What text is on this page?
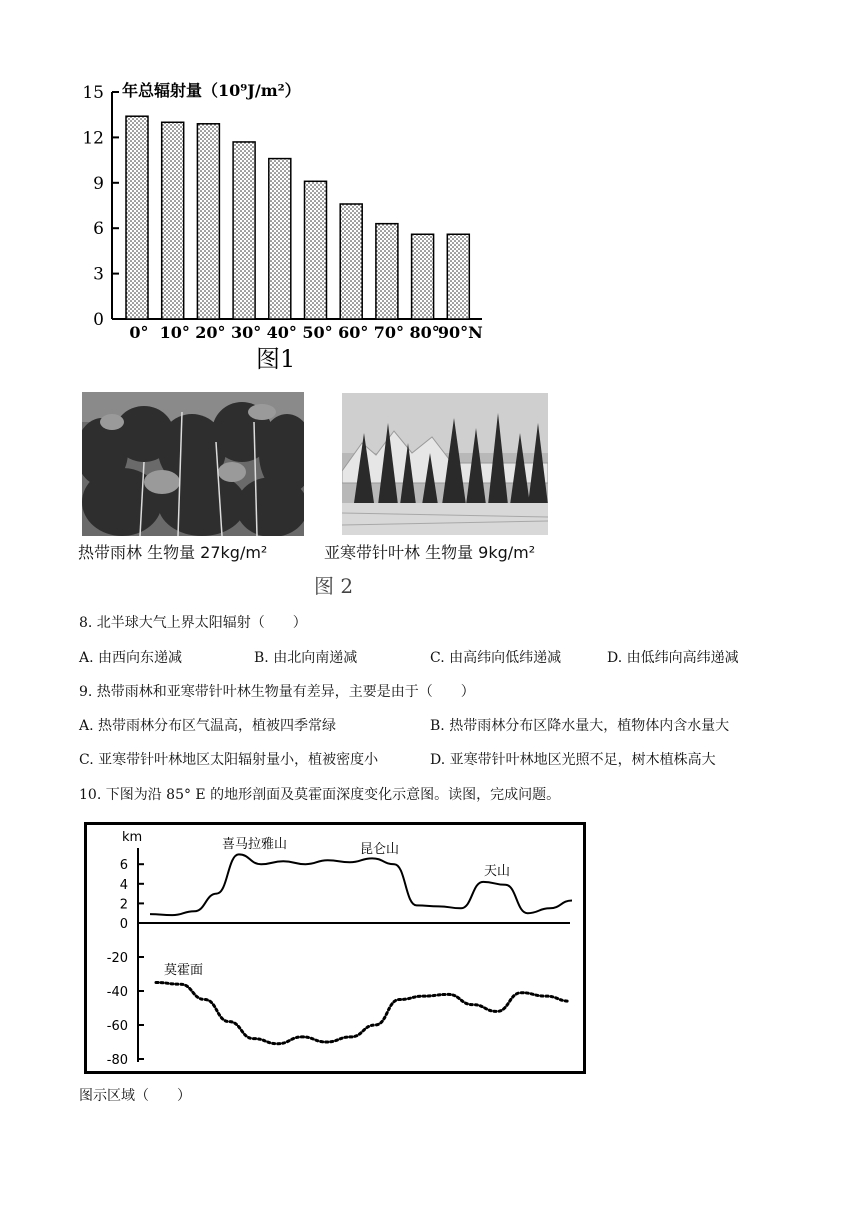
0
3
6
9
12
15
0° 10° 20° 30° 40° 50° 60° 70° 80°
90°N
年总辐射量（10⁹J/m²）
图1
热带雨林 生物量 27kg/m²	亚寒带针叶林 生物量 9kg/m²
图 2
8. 北半球大气上界太阳辐射（　　）
A. 由西向东递减	B. 由北向南递减	C. 由高纬向低纬递减	D. 由低纬向高纬递减
9. 热带雨林和亚寒带针叶林生物量有差异，主要是由于（　　）
A. 热带雨林分布区气温高，植被四季常绿	B. 热带雨林分布区降水量大，植物体内含水量大
C. 亚寒带针叶林地区太阳辐射量小，植被密度小	D. 亚寒带针叶林地区光照不足，树木植株高大
10. 下图为沿 85° E 的地形剖面及莫霍面深度变化示意图。读图，完成问题。
km
6
4
2
0
-20
-40
-60
-80
喜马拉雅山	昆仑山
天山
莫霍面
图示区域（　　）
